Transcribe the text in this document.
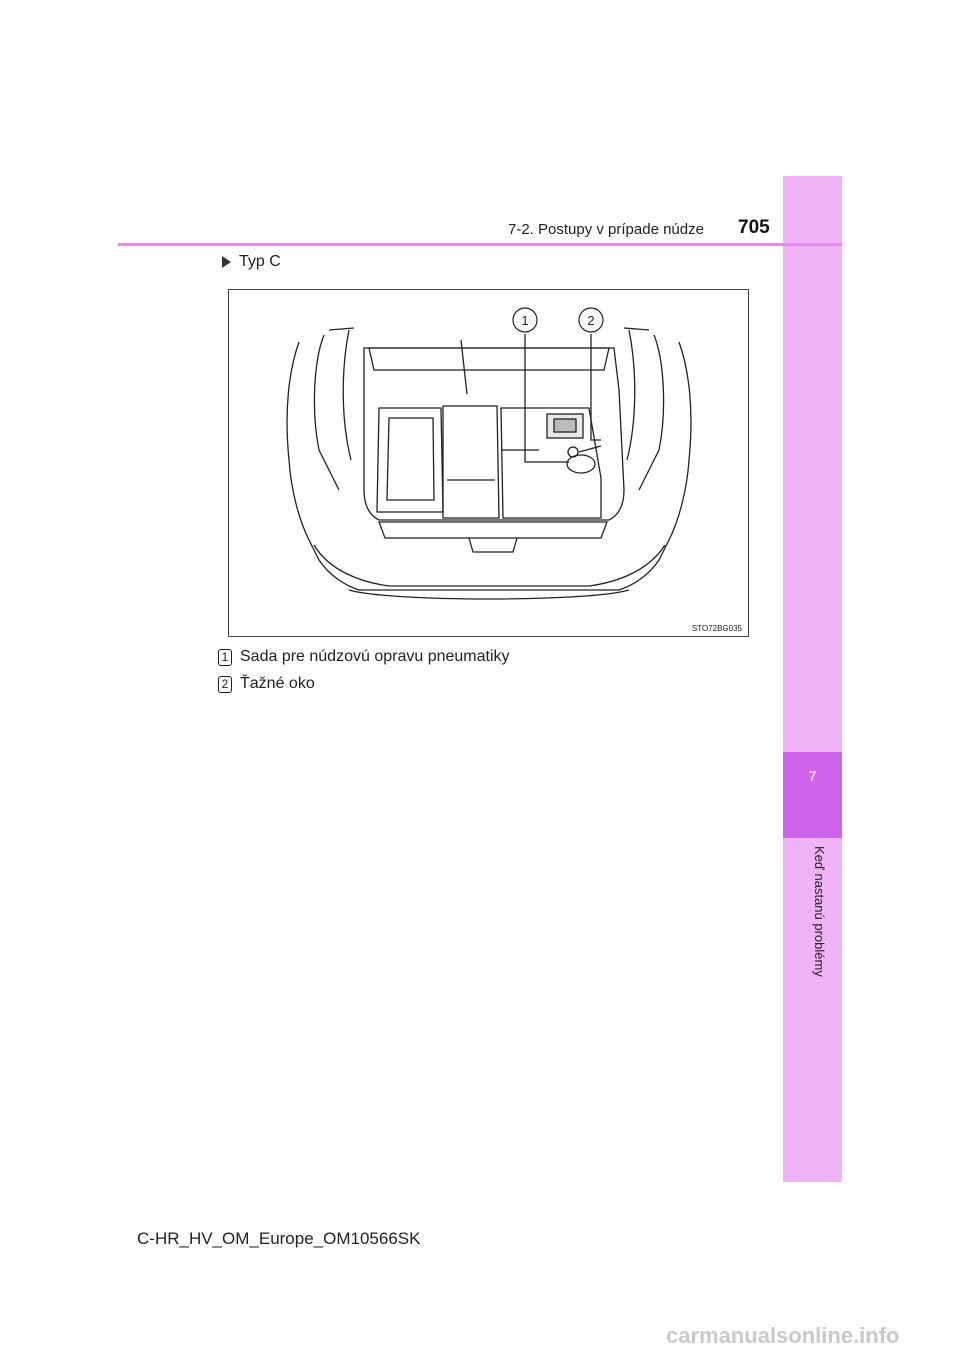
7
Keď nastanú problémy
7-2. Postupy v prípade núdze 705
Typ C
1	2
STO72BG035
1 Sada pre núdzovú opravu pneumatiky
2 Ťažné oko
C-HR_HV_OM_Europe_OM10566SK
carmanualsonline.info
